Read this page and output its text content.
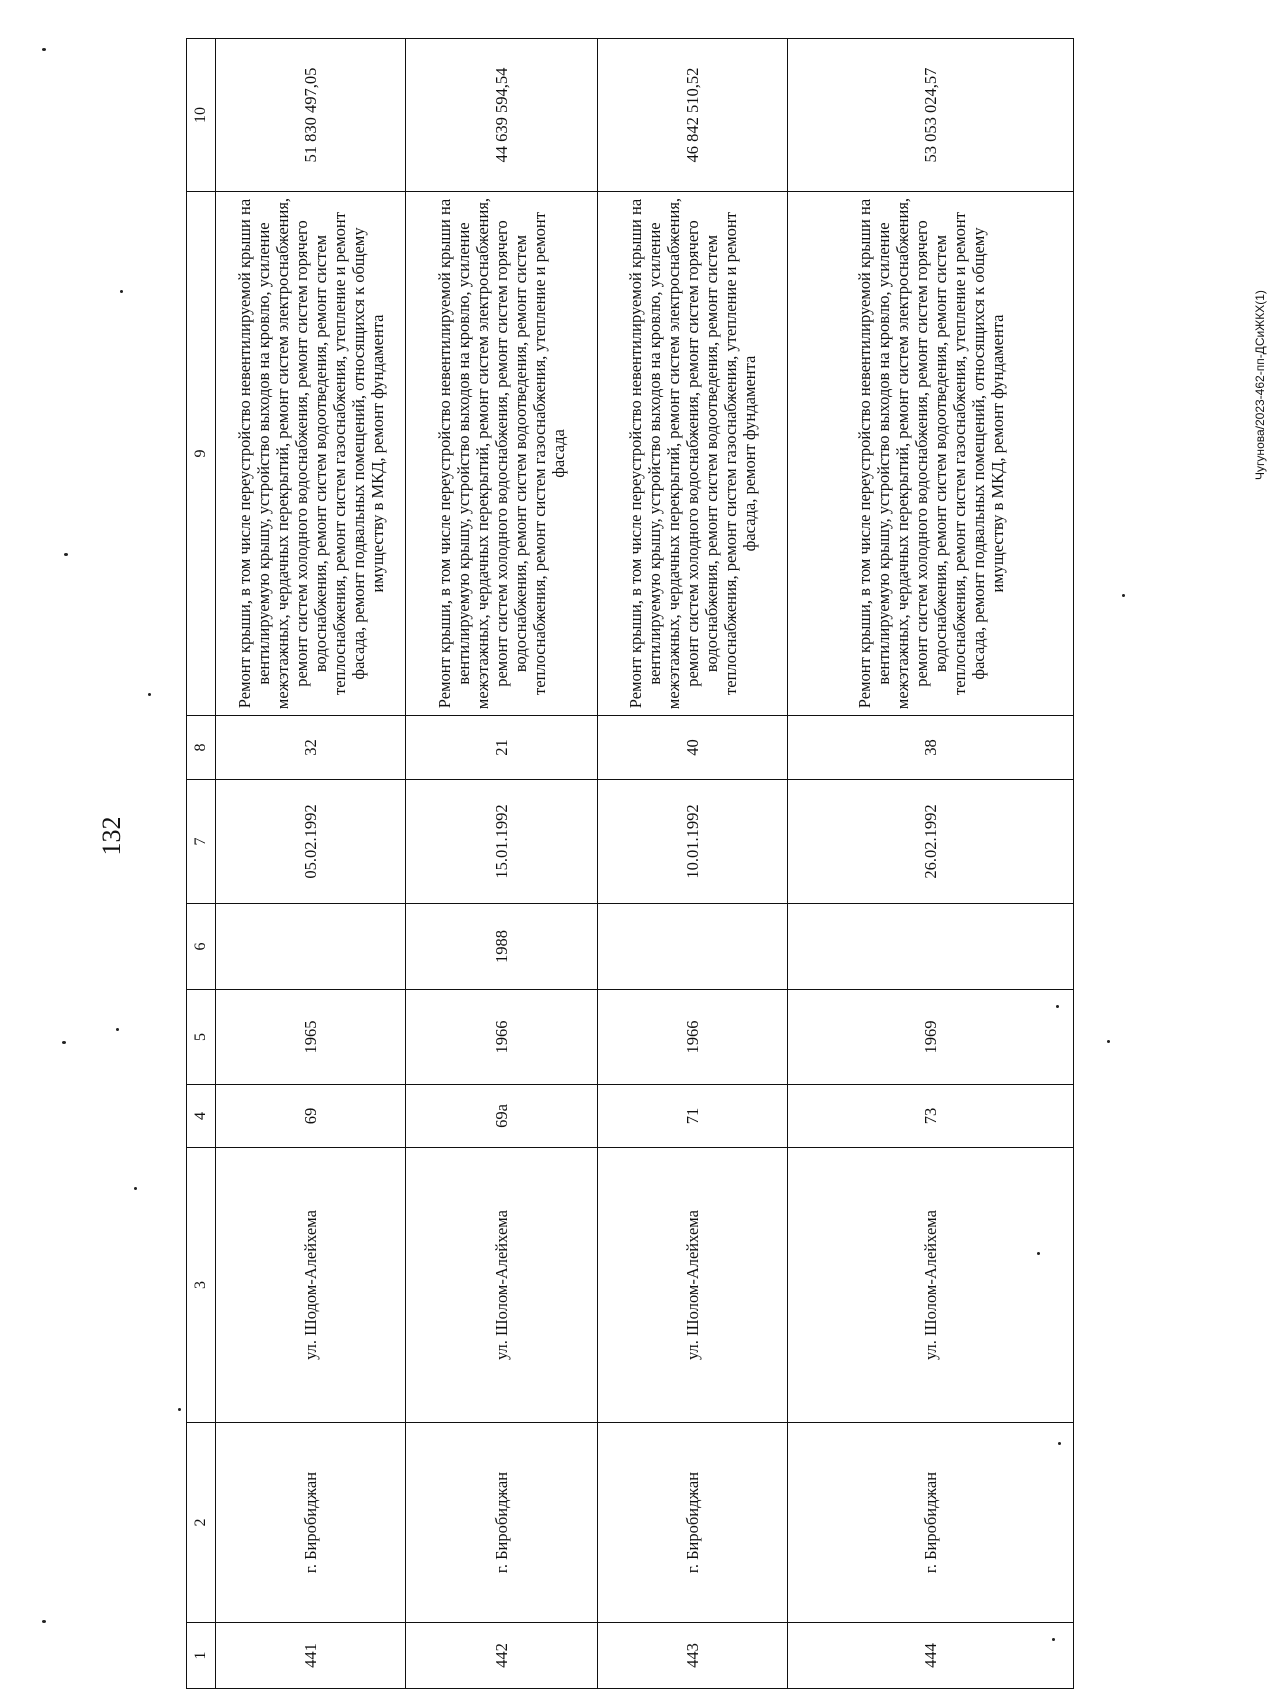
132
Чугунова/2023-462-пп-ДСиЖКХ(1)
1	2	3	4	5	6	7	8	9	10
441	г. Биробиджан	ул. Шодом-Алейхема	69	1965		05.02.1992	32	Ремонт крыши, в том числе переустройство невентилируемой крыши на вентилируемую крышу, устройство выходов на кровлю, усиление межэтажных, чердачных перекрытий, ремонт систем электроснабжения, ремонт систем холодного водоснабжения, ремонт систем горячего водоснабжения, ремонт систем водоотведения, ремонт систем теплоснабжения, ремонт систем газоснабжения, утепление и ремонт фасада, ремонт подвальных помещений, относящихся к общему имуществу в МКД, ремонт фундамента	51 830 497,05
442	г. Биробиджан	ул. Шолом-Алейхема	69а	1966	1988	15.01.1992	21	Ремонт крыши, в том числе переустройство невентилируемой крыши на вентилируемую крышу, устройство выходов на кровлю, усиление межэтажных, чердачных перекрытий, ремонт систем электроснабжения, ремонт систем холодного водоснабжения, ремонт систем горячего водоснабжения, ремонт систем водоотведения, ремонт систем теплоснабжения, ремонт систем газоснабжения, утепление и ремонт фасада	44 639 594,54
443	г. Биробиджан	ул. Шолом-Алейхема	71	1966		10.01.1992	40	Ремонт крыши, в том числе переустройство невентилируемой крыши на вентилируемую крышу, устройство выходов на кровлю, усиление межэтажных, чердачных перекрытий, ремонт систем электроснабжения, ремонт систем холодного водоснабжения, ремонт систем горячего водоснабжения, ремонт систем водоотведения, ремонт систем теплоснабжения, ремонт систем газоснабжения, утепление и ремонт фасада, ремонт фундамента	46 842 510,52
444	г. Биробиджан	ул. Шолом-Алейхема	73	1969		26.02.1992	38	Ремонт крыши, в том числе переустройство невентилируемой крыши на вентилируемую крышу, устройство выходов на кровлю, усиление межэтажных, чердачных перекрытий, ремонт систем электроснабжения, ремонт систем холодного водоснабжения, ремонт систем горячего водоснабжения, ремонт систем водоотведения, ремонт систем теплоснабжения, ремонт систем газоснабжения, утепление и ремонт фасада, ремонт подвальных помещений, относящихся к общему имуществу в МКД, ремонт фундамента	53 053 024,57
